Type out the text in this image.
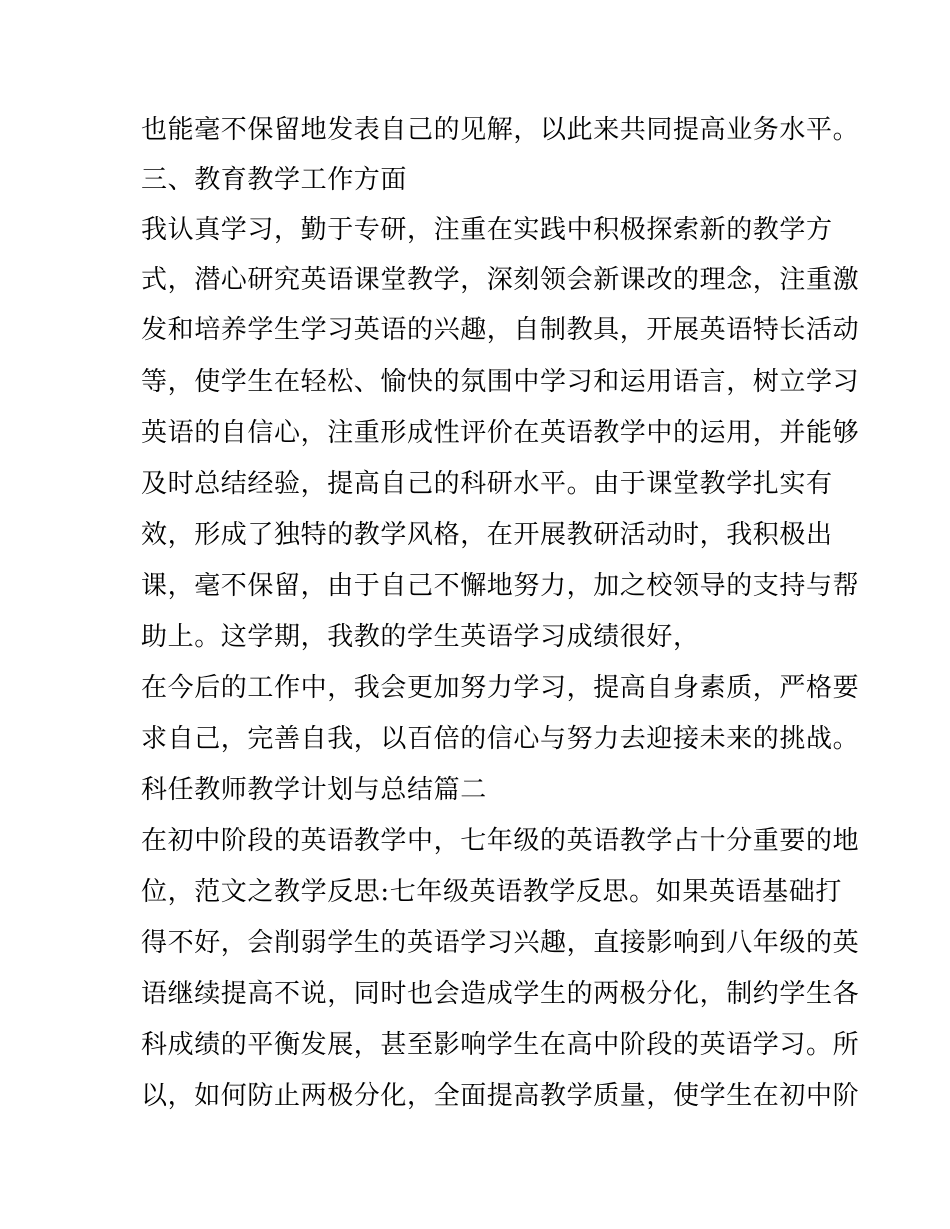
也能毫不保留地发表自己的见解，以此来共同提高业务水平。
三、教育教学工作方面
我认真学习，勤于专研，注重在实践中积极探索新的教学方
式，潜心研究英语课堂教学，深刻领会新课改的理念，注重激
发和培养学生学习英语的兴趣，自制教具，开展英语特长活动
等，使学生在轻松、愉快的氛围中学习和运用语言，树立学习
英语的自信心，注重形成性评价在英语教学中的运用，并能够
及时总结经验，提高自己的科研水平。由于课堂教学扎实有
效，形成了独特的教学风格，在开展教研活动时，我积极出
课，毫不保留，由于自己不懈地努力，加之校领导的支持与帮
助上。这学期，我教的学生英语学习成绩很好，
在今后的工作中，我会更加努力学习，提高自身素质，严格要
求自己，完善自我，以百倍的信心与努力去迎接未来的挑战。
科任教师教学计划与总结篇二
在初中阶段的英语教学中，七年级的英语教学占十分重要的地
位，范文之教学反思:七年级英语教学反思。如果英语基础打
得不好，会削弱学生的英语学习兴趣，直接影响到八年级的英
语继续提高不说，同时也会造成学生的两极分化，制约学生各
科成绩的平衡发展，甚至影响学生在高中阶段的英语学习。所
以，如何防止两极分化，全面提高教学质量，使学生在初中阶
